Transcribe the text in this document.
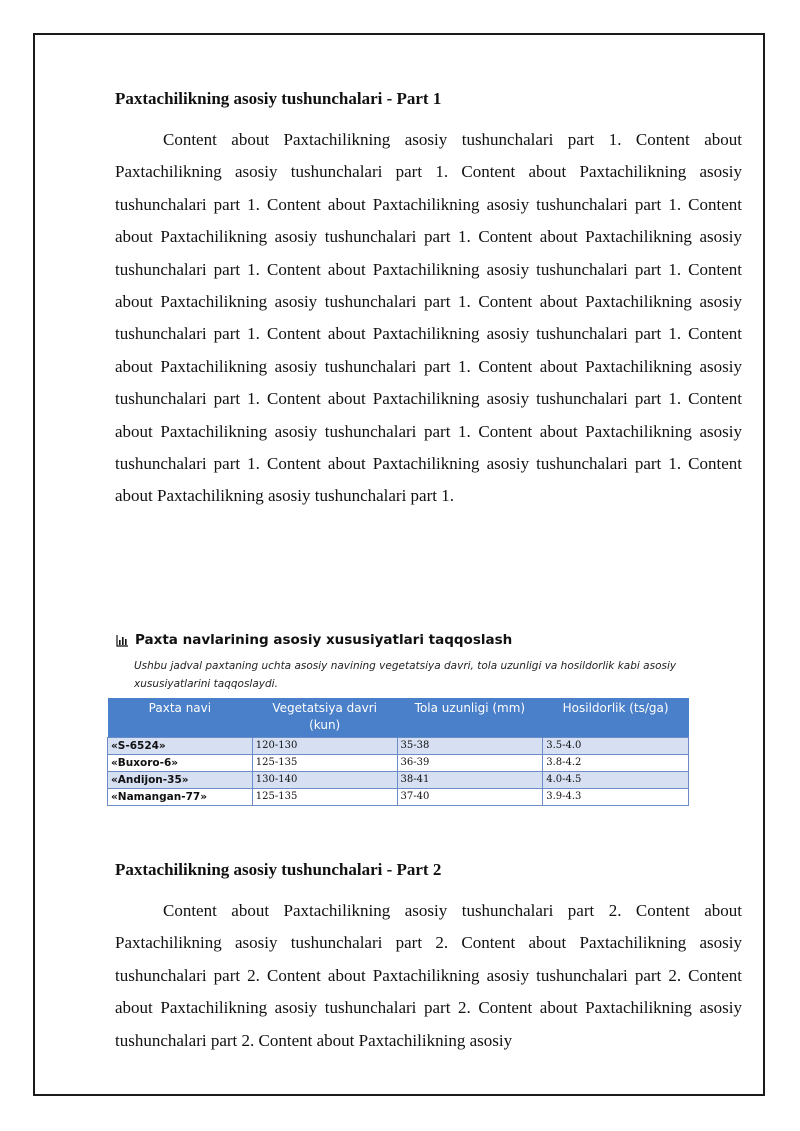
Paxtachilikning asosiy tushunchalari - Part 1

Content about Paxtachilikning asosiy tushunchalari part 1. Content about Paxtachilikning asosiy tushunchalari part 1. Content about Paxtachilikning asosiy tushunchalari part 1. Content about Paxtachilikning asosiy tushunchalari part 1. Content about Paxtachilikning asosiy tushunchalari part 1. Content about Paxtachilikning asosiy tushunchalari part 1. Content about Paxtachilikning asosiy tushunchalari part 1. Content about Paxtachilikning asosiy tushunchalari part 1. Content about Paxtachilikning asosiy tushunchalari part 1. Content about Paxtachilikning asosiy tushunchalari part 1. Content about Paxtachilikning asosiy tushunchalari part 1. Content about Paxtachilikning asosiy tushunchalari part 1. Content about Paxtachilikning asosiy tushunchalari part 1. Content about Paxtachilikning asosiy tushunchalari part 1. Content about Paxtachilikning asosiy tushunchalari part 1. Content about Paxtachilikning asosiy tushunchalari part 1. Content about Paxtachilikning asosiy tushunchalari part 1.

Paxta navlarining asosiy xususiyatlari taqqoslash
Ushbu jadval paxtaning uchta asosiy navining vegetatsiya davri, tola uzunligi va hosildorlik kabi asosiy xususiyatlarini taqqoslaydi.
Paxta navi	Vegetatsiya davri (kun)	Tola uzunligi (mm)	Hosildorlik (ts/ga)
«S-6524»	120-130	35-38	3.5-4.0
«Buxoro-6»	125-135	36-39	3.8-4.2
«Andijon-35»	130-140	38-41	4.0-4.5
«Namangan-77»	125-135	37-40	3.9-4.3
Paxtachilikning asosiy tushunchalari - Part 2

Content about Paxtachilikning asosiy tushunchalari part 2. Content about Paxtachilikning asosiy tushunchalari part 2. Content about Paxtachilikning asosiy tushunchalari part 2. Content about Paxtachilikning asosiy tushunchalari part 2. Content about Paxtachilikning asosiy tushunchalari part 2. Content about Paxtachilikning asosiy tushunchalari part 2. Content about Paxtachilikning asosiy
